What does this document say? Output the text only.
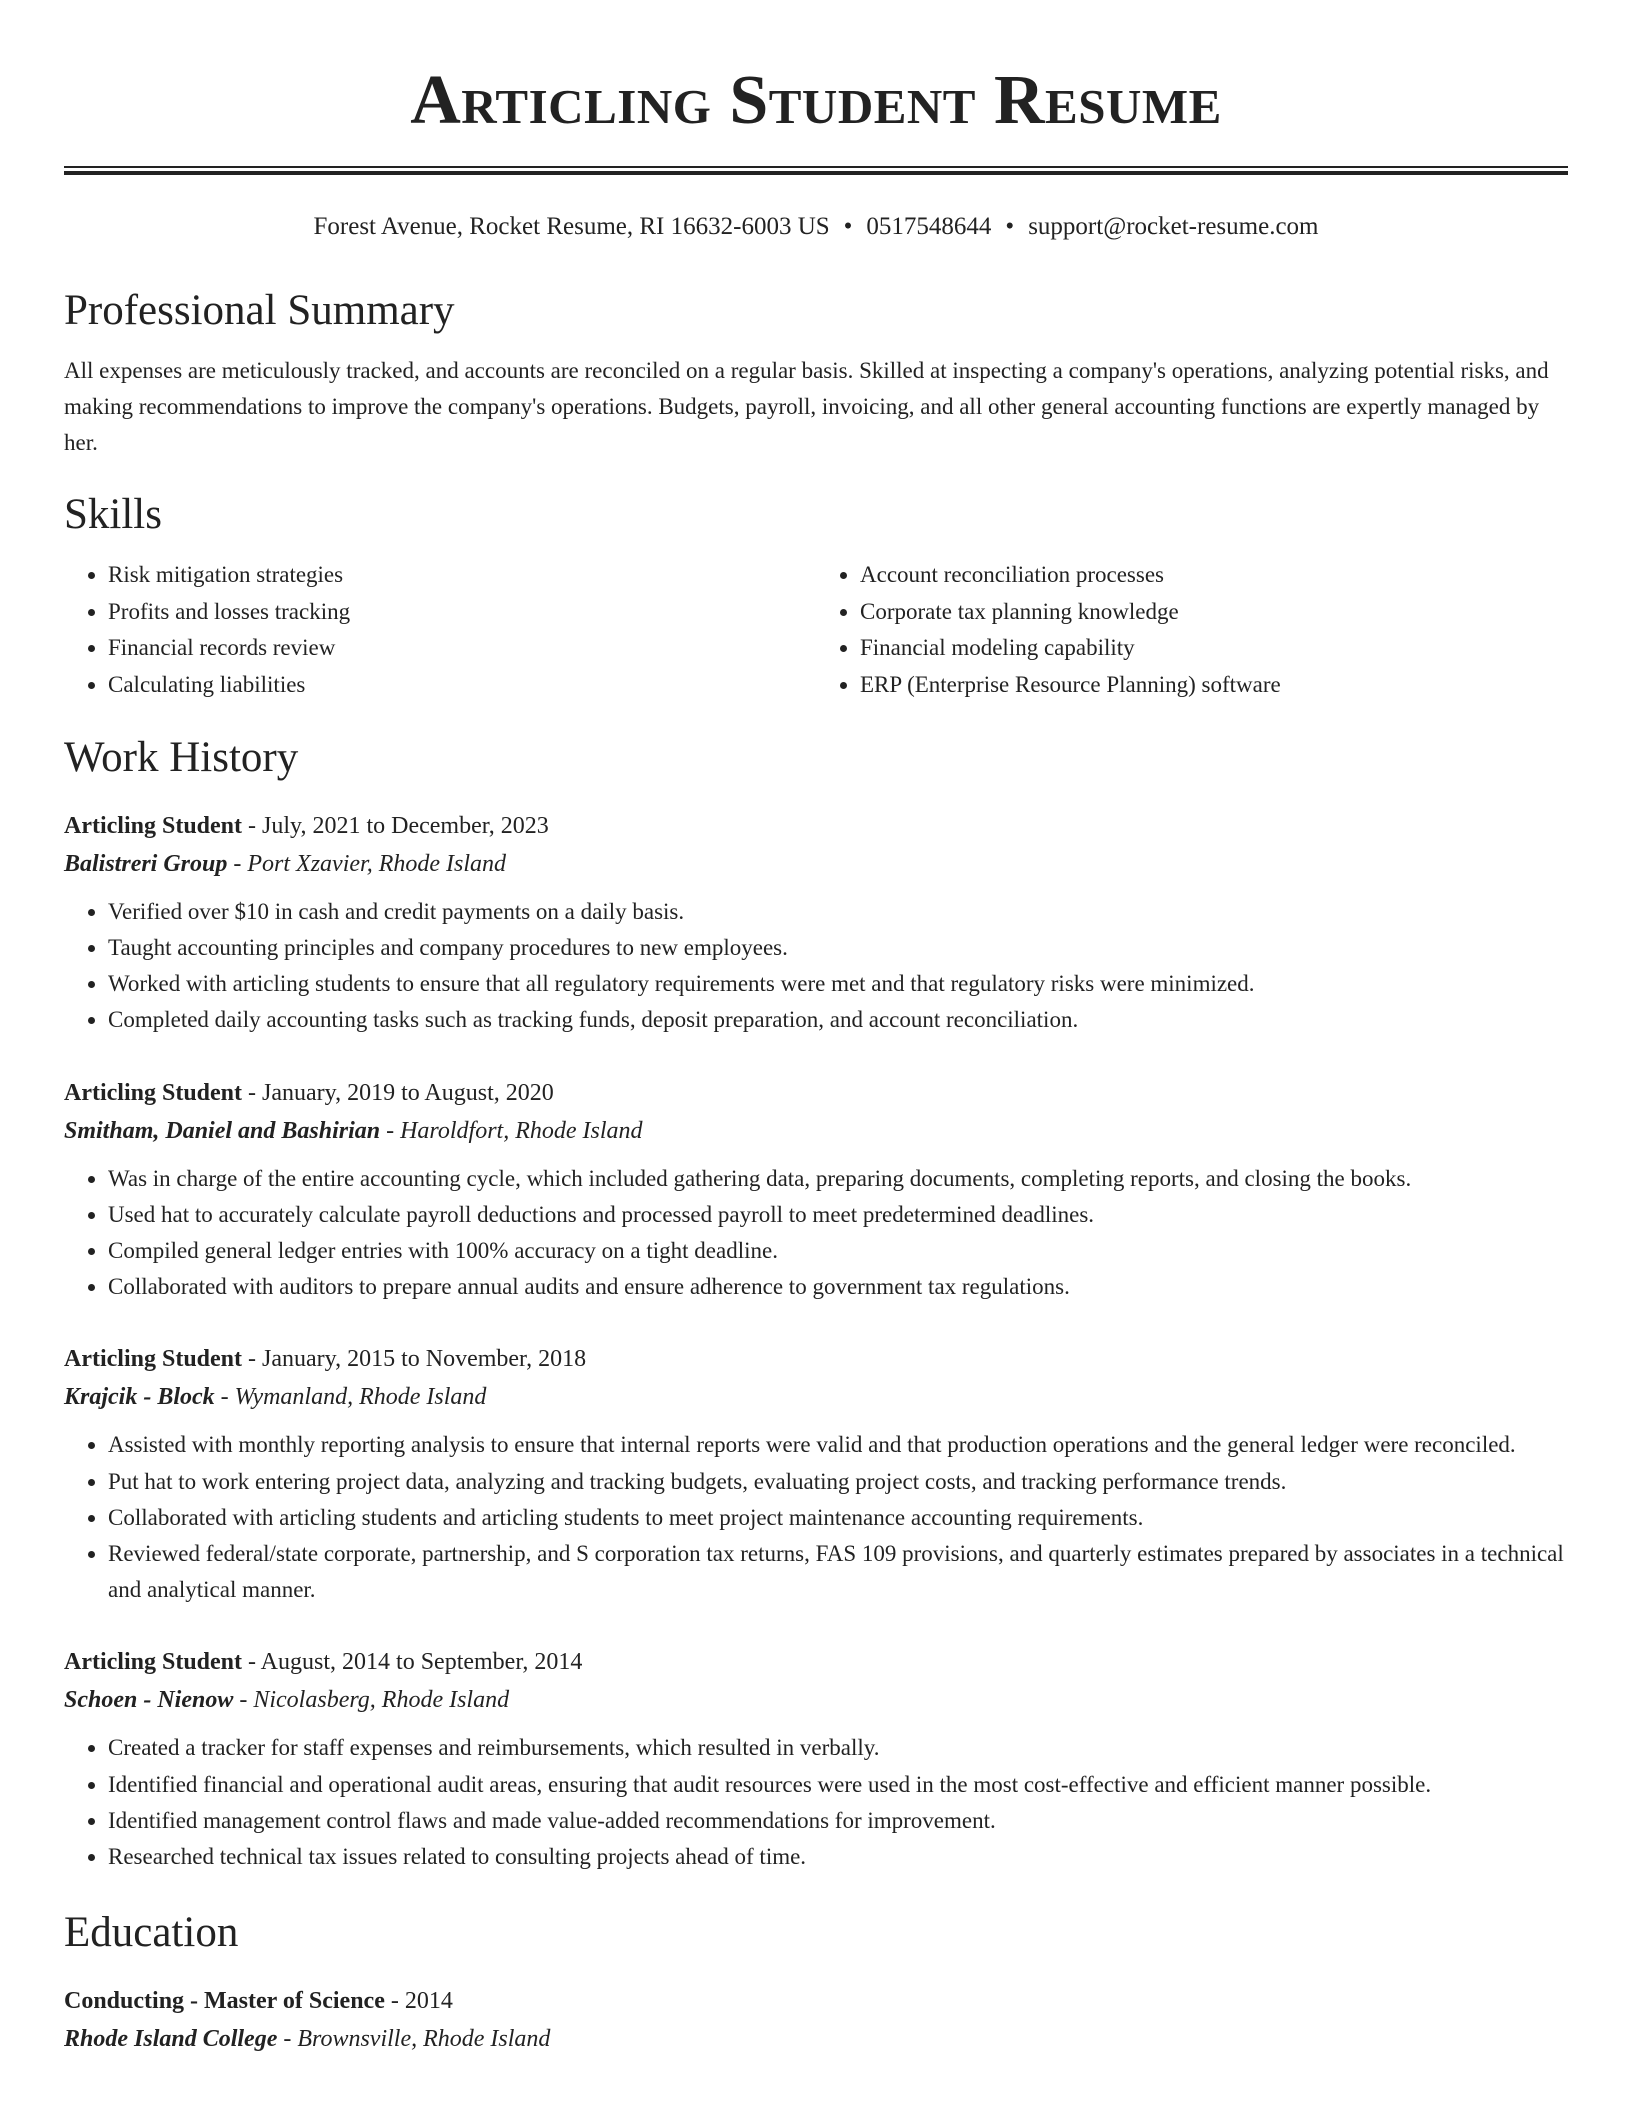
Articling Student Resume
Forest Avenue, Rocket Resume, RI 16632-6003 US • 0517548644 • support@rocket-resume.com
Professional Summary

All expenses are meticulously tracked, and accounts are reconciled on a regular basis. Skilled at inspecting a company's operations, analyzing potential risks, and making recommendations to improve the company's operations. Budgets, payroll, invoicing, and all other general accounting functions are expertly managed by her.

Skills
• Risk mitigation strategies
• Profits and losses tracking
• Financial records review
• Calculating liabilities
• Account reconciliation processes
• Corporate tax planning knowledge
• Financial modeling capability
• ERP (Enterprise Resource Planning) software
Work History
Articling Student - July, 2021 to December, 2023
Balistreri Group - Port Xzavier, Rhode Island
• Verified over $10 in cash and credit payments on a daily basis.
• Taught accounting principles and company procedures to new employees.
• Worked with articling students to ensure that all regulatory requirements were met and that regulatory risks were minimized.
• Completed daily accounting tasks such as tracking funds, deposit preparation, and account reconciliation.
Articling Student - January, 2019 to August, 2020
Smitham, Daniel and Bashirian - Haroldfort, Rhode Island
• Was in charge of the entire accounting cycle, which included gathering data, preparing documents, completing reports, and closing the books.
• Used hat to accurately calculate payroll deductions and processed payroll to meet predetermined deadlines.
• Compiled general ledger entries with 100% accuracy on a tight deadline.
• Collaborated with auditors to prepare annual audits and ensure adherence to government tax regulations.
Articling Student - January, 2015 to November, 2018
Krajcik - Block - Wymanland, Rhode Island
• Assisted with monthly reporting analysis to ensure that internal reports were valid and that production operations and the general ledger were reconciled.
• Put hat to work entering project data, analyzing and tracking budgets, evaluating project costs, and tracking performance trends.
• Collaborated with articling students and articling students to meet project maintenance accounting requirements.
• Reviewed federal/state corporate, partnership, and S corporation tax returns, FAS 109 provisions, and quarterly estimates prepared by associates in a technical and analytical manner.
Articling Student - August, 2014 to September, 2014
Schoen - Nienow - Nicolasberg, Rhode Island
• Created a tracker for staff expenses and reimbursements, which resulted in verbally.
• Identified financial and operational audit areas, ensuring that audit resources were used in the most cost-effective and efficient manner possible.
• Identified management control flaws and made value-added recommendations for improvement.
• Researched technical tax issues related to consulting projects ahead of time.
Education
Conducting - Master of Science - 2014
Rhode Island College - Brownsville, Rhode Island
